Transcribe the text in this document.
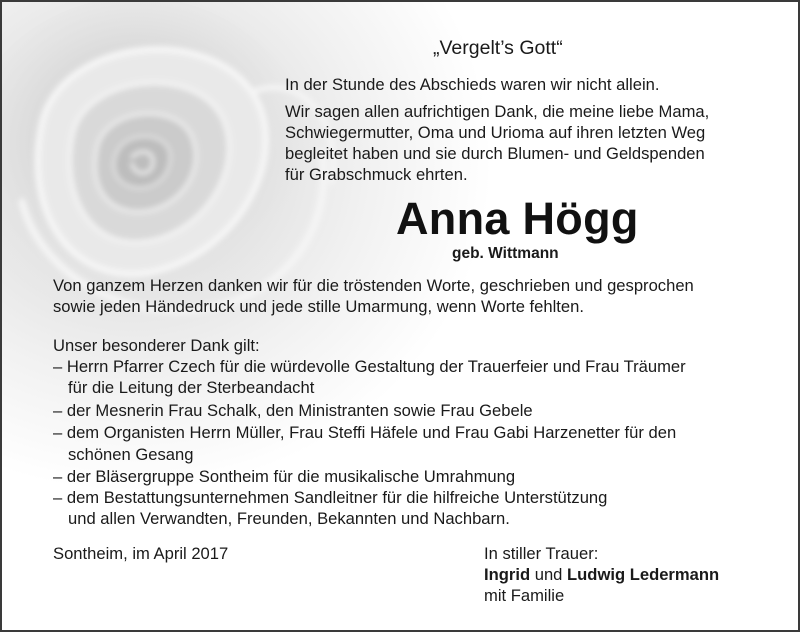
„Vergelt’s Gott“
In der Stunde des Abschieds waren wir nicht allein.
Wir sagen allen aufrichtigen Dank, die meine liebe Mama,
Schwiegermutter, Oma und Urioma auf ihren letzten Weg
begleitet haben und sie durch Blumen- und Geldspenden
für Grabschmuck ehrten.
Anna Högg
geb. Wittmann
Von ganzem Herzen danken wir für die tröstenden Worte, geschrieben und gesprochen
sowie jeden Händedruck und jede stille Umarmung, wenn Worte fehlten.
Unser besonderer Dank gilt:
– Herrn Pfarrer Czech für die würdevolle Gestaltung der Trauerfeier und Frau Träumer
für die Leitung der Sterbeandacht
– der Mesnerin Frau Schalk, den Ministranten sowie Frau Gebele
– dem Organisten Herrn Müller, Frau Steffi Häfele und Frau Gabi Harzenetter für den
schönen Gesang
– der Bläsergruppe Sontheim für die musikalische Umrahmung
– dem Bestattungsunternehmen Sandleitner für die hilfreiche Unterstützung
und allen Verwandten, Freunden, Bekannten und Nachbarn.
Sontheim, im April 2017	In stiller Trauer:
Ingrid und Ludwig Ledermann
mit Familie
